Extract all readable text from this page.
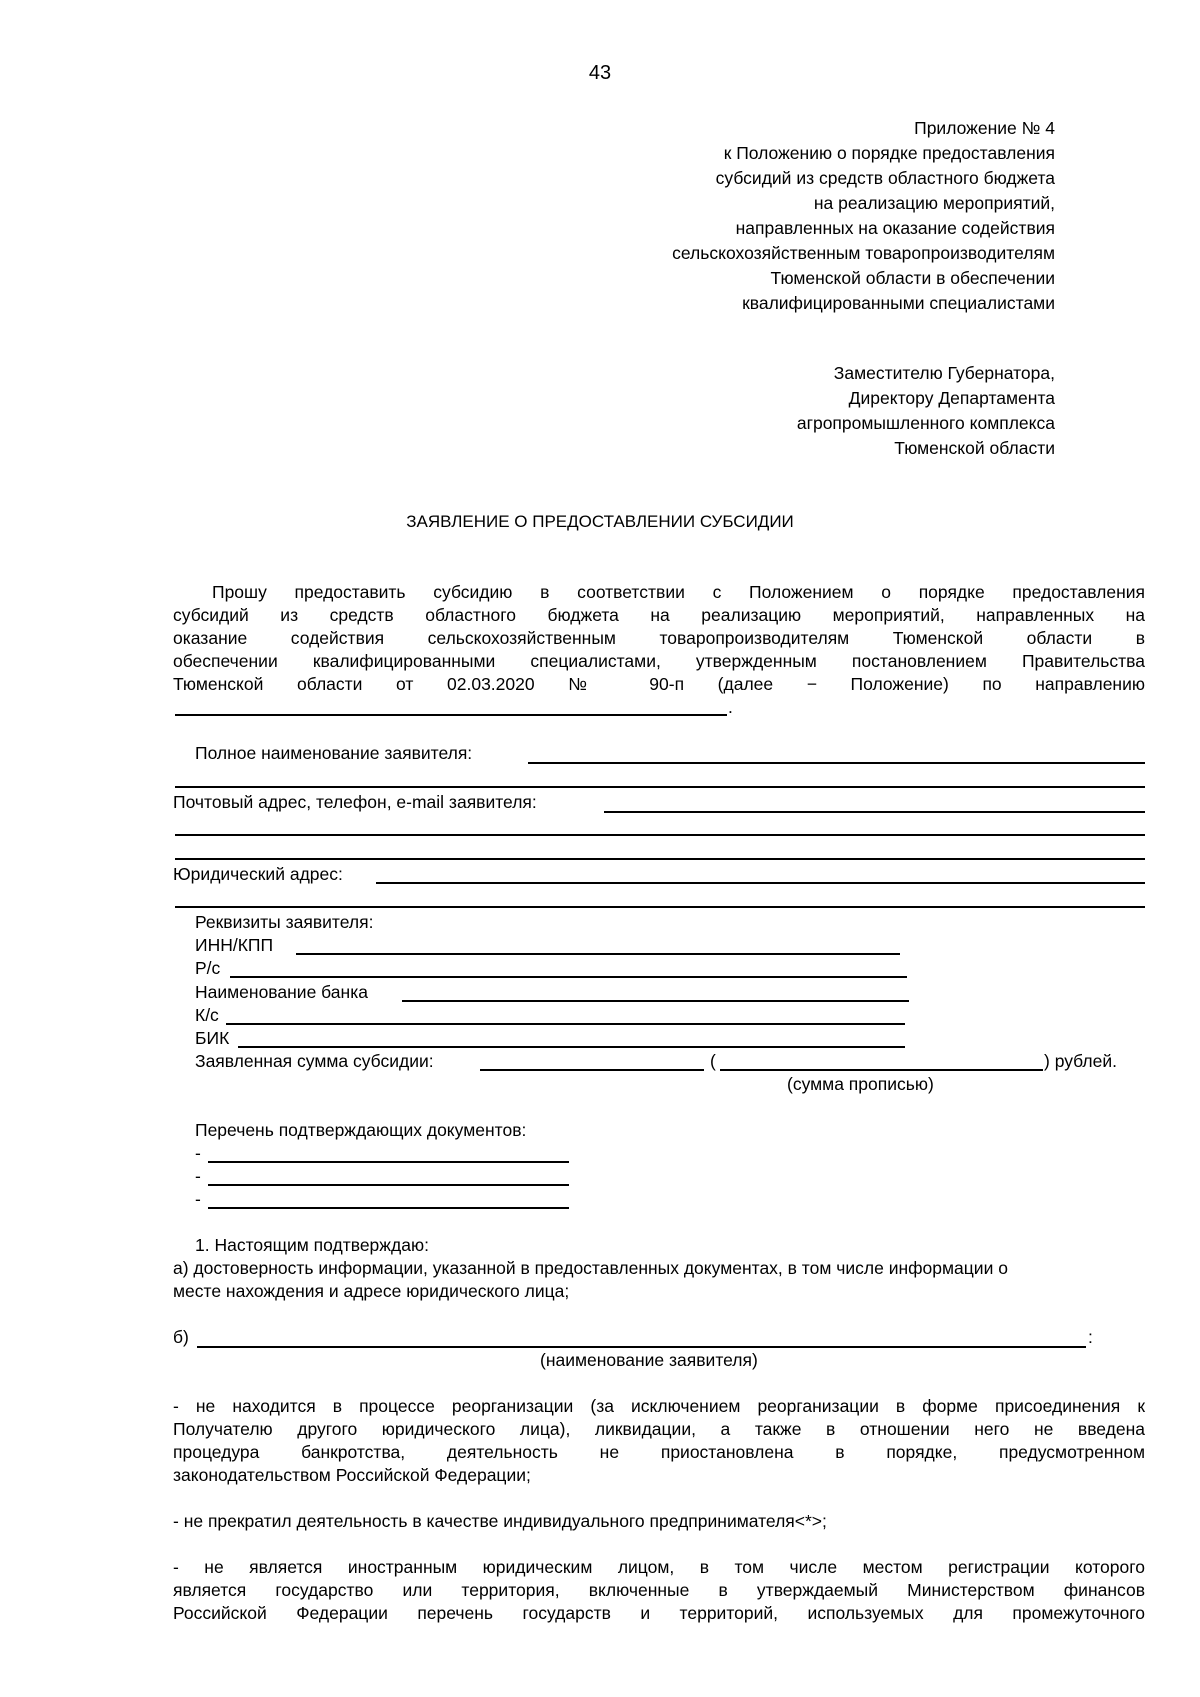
43
Приложение № 4
к Положению о порядке предоставления
субсидий из средств областного бюджета
на реализацию мероприятий,
направленных на оказание содействия
сельскохозяйственным товаропроизводителям
Тюменской области в обеспечении
квалифицированными специалистами
Заместителю Губернатора,
Директору Департамента
агропромышленного комплекса
Тюменской области
ЗАЯВЛЕНИЕ О ПРЕДОСТАВЛЕНИИ СУБСИДИИ
Прошу предоставить субсидию в соответствии с Положением о порядке предоставления
субсидий из средств областного бюджета на реализацию мероприятий, направленных на
оказание содействия сельскохозяйственным товаропроизводителям Тюменской области в
обеспечении квалифицированными специалистами, утвержденным постановлением Правительства
Тюменской области от 02.03.2020 № 90-п (далее − Положение) по направлению
.
Полное наименование заявителя:
Почтовый адрес, телефон, e-mail заявителя:
Юридический адрес:
Реквизиты заявителя:
ИНН/КПП
Р/с
Наименование банка
К/с
БИК
Заявленная сумма субсидии:	(	) рублей.
(сумма прописью)
Перечень подтверждающих документов:
-
-
-
1. Настоящим подтверждаю:
а) достоверность информации, указанной в предоставленных документах, в том числе информации о
месте нахождения и адресе юридического лица;
б)	:
(наименование заявителя)
- не находится в процессе реорганизации (за исключением реорганизации в форме присоединения к
Получателю другого юридического лица), ликвидации, а также в отношении него не введена
процедура банкротства, деятельность не приостановлена в порядке, предусмотренном
законодательством Российской Федерации;
- не прекратил деятельность в качестве индивидуального предпринимателя<*>;
- не является иностранным юридическим лицом, в том числе местом регистрации которого
является государство или территория, включенные в утверждаемый Министерством финансов
Российской Федерации перечень государств и территорий, используемых для промежуточного
